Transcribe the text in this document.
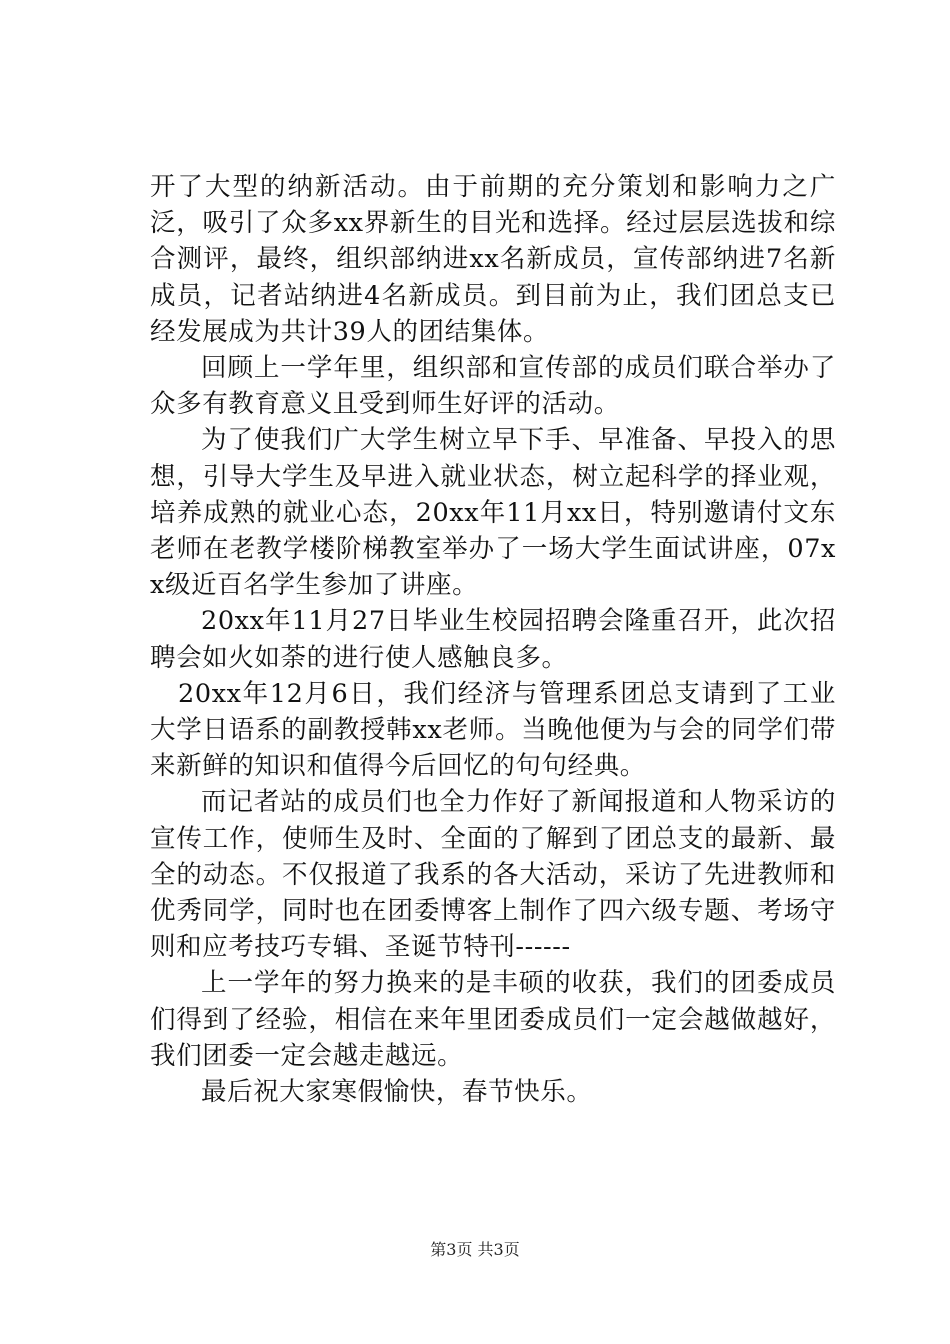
开了大型的纳新活动。由于前期的充分策划和影响力之广泛，吸引了众多xx界新生的目光和选择。经过层层选拔和综合测评，最终，组织部纳进xx名新成员，宣传部纳进7名新成员，记者站纳进4名新成员。到目前为止，我们团总支已经发展成为共计39人的团结集体。

回顾上一学年里，组织部和宣传部的成员们联合举办了众多有教育意义且受到师生好评的活动。

为了使我们广大学生树立早下手、早准备、早投入的思想，引导大学生及早进入就业状态，树立起科学的择业观，培养成熟的就业心态，20xx年11月xx日，特别邀请付文东老师在老教学楼阶梯教室举办了一场大学生面试讲座，07xx级近百名学生参加了讲座。

20xx年11月27日毕业生校园招聘会隆重召开，此次招聘会如火如荼的进行使人感触良多。

20xx年12月6日，我们经济与管理系团总支请到了工业大学日语系的副教授韩xx老师。当晚他便为与会的同学们带来新鲜的知识和值得今后回忆的句句经典。

而记者站的成员们也全力作好了新闻报道和人物采访的宣传工作，使师生及时、全面的了解到了团总支的最新、最全的动态。不仅报道了我系的各大活动，采访了先进教师和优秀同学，同时也在团委博客上制作了四六级专题、考场守则和应考技巧专辑、圣诞节特刊------

上一学年的努力换来的是丰硕的收获，我们的团委成员们得到了经验，相信在来年里团委成员们一定会越做越好，我们团委一定会越走越远。

最后祝大家寒假愉快，春节快乐。

第3页 共3页
